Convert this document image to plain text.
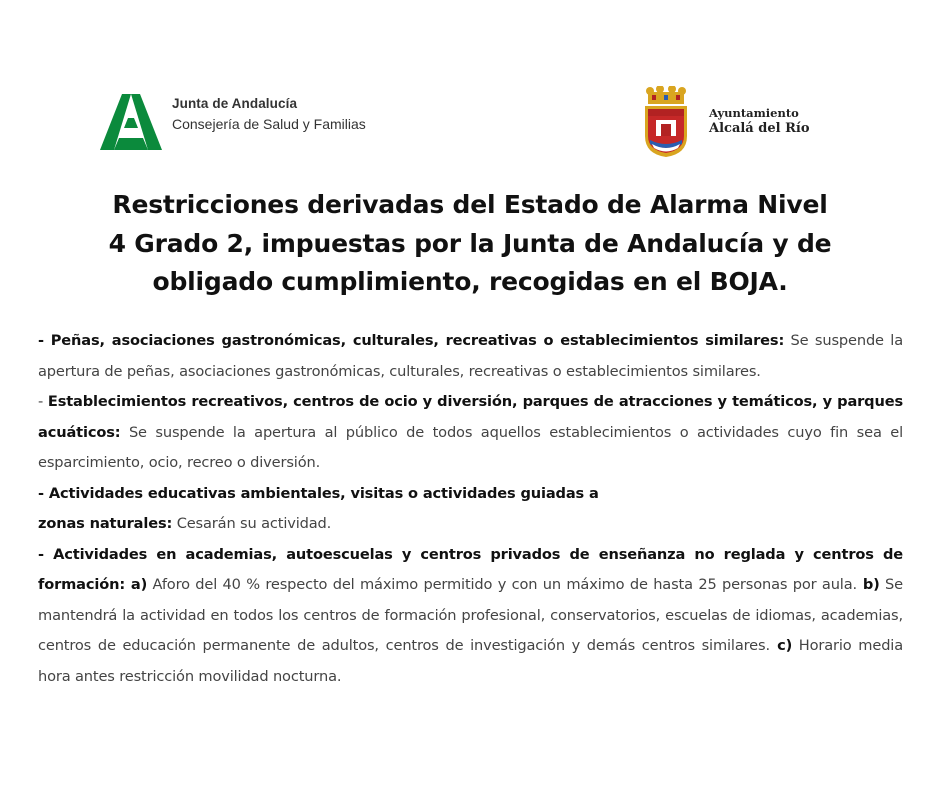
Junta de Andalucía
Consejería de Salud y Familias
Ayuntamiento
Alcalá del Río
Restricciones derivadas del Estado de Alarma Nivel
4 Grado 2, impuestas por la Junta de Andalucía y de
obligado cumplimiento, recogidas en el BOJA.

- Peñas, asociaciones gastronómicas, culturales, recreativas o establecimientos similares: Se suspende la apertura de peñas, asociaciones gastronómicas, culturales, recreativas o establecimientos similares.

- Establecimientos recreativos, centros de ocio y diversión, parques de atracciones y temáticos, y parques acuáticos: Se suspende la apertura al público de todos aquellos establecimientos o actividades cuyo fin sea el esparcimiento, ocio, recreo o diversión.

- Actividades educativas ambientales, visitas o actividades guiadas a
zonas naturales: Cesarán su actividad.

- Actividades en academias, autoescuelas y centros privados de enseñanza no reglada y centros de formación: a) Aforo del 40 % respecto del máximo permitido y con un máximo de hasta 25 personas por aula. b) Se mantendrá la actividad en todos los centros de formación profesional, conservatorios, escuelas de idiomas, academias, centros de educación permanente de adultos, centros de investigación y demás centros similares. c) Horario media hora antes restricción movilidad nocturna.
